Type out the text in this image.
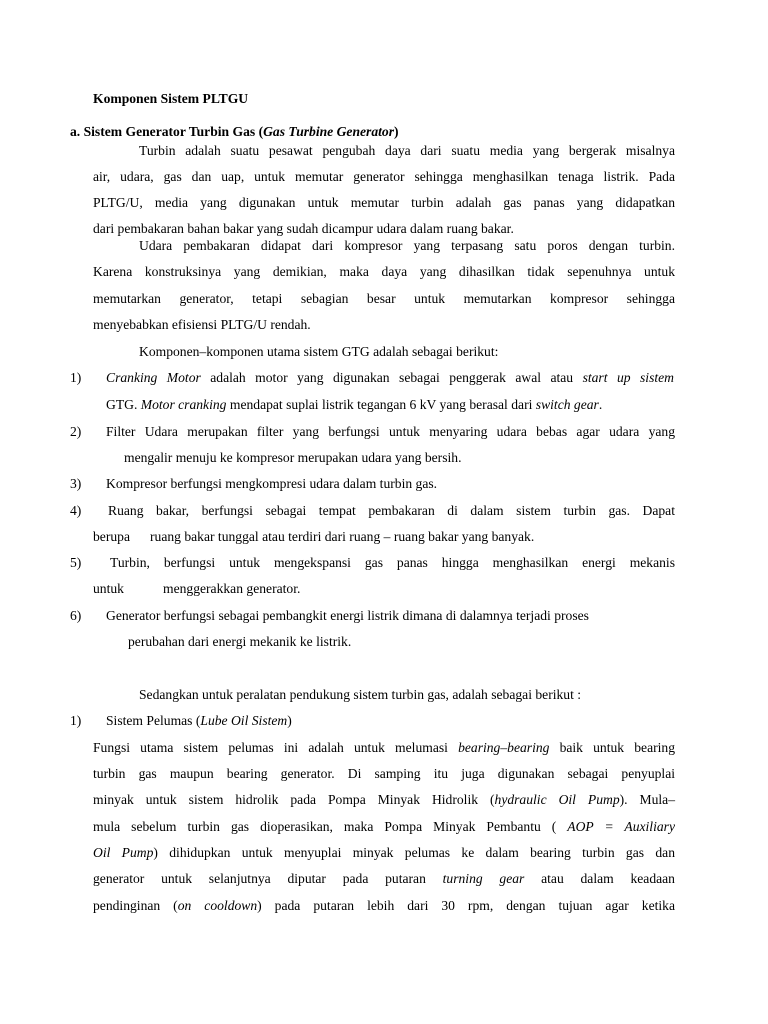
Komponen Sistem PLTGU
a. Sistem Generator Turbin Gas (Gas Turbine Generator)
Turbin adalah suatu pesawat pengubah daya dari suatu media yang bergerak misalnya
air, udara, gas dan uap, untuk memutar generator sehingga menghasilkan tenaga listrik. Pada
PLTG/U, media yang digunakan untuk memutar turbin adalah gas panas yang didapatkan
dari pembakaran bahan bakar yang sudah dicampur udara dalam ruang bakar.
Udara pembakaran didapat dari kompresor yang terpasang satu poros dengan turbin.
Karena konstruksinya yang demikian, maka daya yang dihasilkan tidak sepenuhnya untuk
memutarkan generator, tetapi sebagian besar untuk memutarkan kompresor sehingga
menyebabkan efisiensi PLTG/U rendah.
Komponen–komponen utama sistem GTG adalah sebagai berikut:
1) Cranking Motor adalah motor yang digunakan sebagai penggerak awal atau start up sistem
GTG. Motor cranking mendapat suplai listrik tegangan 6 kV yang berasal dari switch gear.
2) Filter Udara merupakan filter yang berfungsi untuk menyaring udara bebas agar udara yang
mengalir menuju ke kompresor merupakan udara yang bersih.
3) Kompresor berfungsi mengkompresi udara dalam turbin gas.
4) Ruang bakar, berfungsi sebagai tempat pembakaran di dalam sistem turbin gas. Dapat
berupa ruang bakar tunggal atau terdiri dari ruang – ruang bakar yang banyak.
5) Turbin, berfungsi untuk mengekspansi gas panas hingga menghasilkan energi mekanis
untuk	menggerakkan generator.
6) Generator berfungsi sebagai pembangkit energi listrik dimana di dalamnya terjadi proses
perubahan dari energi mekanik ke listrik.
Sedangkan untuk peralatan pendukung sistem turbin gas, adalah sebagai berikut :
1) Sistem Pelumas (Lube Oil Sistem)
Fungsi utama sistem pelumas ini adalah untuk melumasi bearing–bearing baik untuk bearing
turbin gas maupun bearing generator. Di samping itu juga digunakan sebagai penyuplai
minyak untuk sistem hidrolik pada Pompa Minyak Hidrolik (hydraulic Oil Pump). Mula–
mula sebelum turbin gas dioperasikan, maka Pompa Minyak Pembantu ( AOP = Auxiliary
Oil Pump) dihidupkan untuk menyuplai minyak pelumas ke dalam bearing turbin gas dan
generator untuk selanjutnya diputar pada putaran turning gear atau dalam keadaan
pendinginan (on cooldown) pada putaran lebih dari 30 rpm, dengan tujuan agar ketika
